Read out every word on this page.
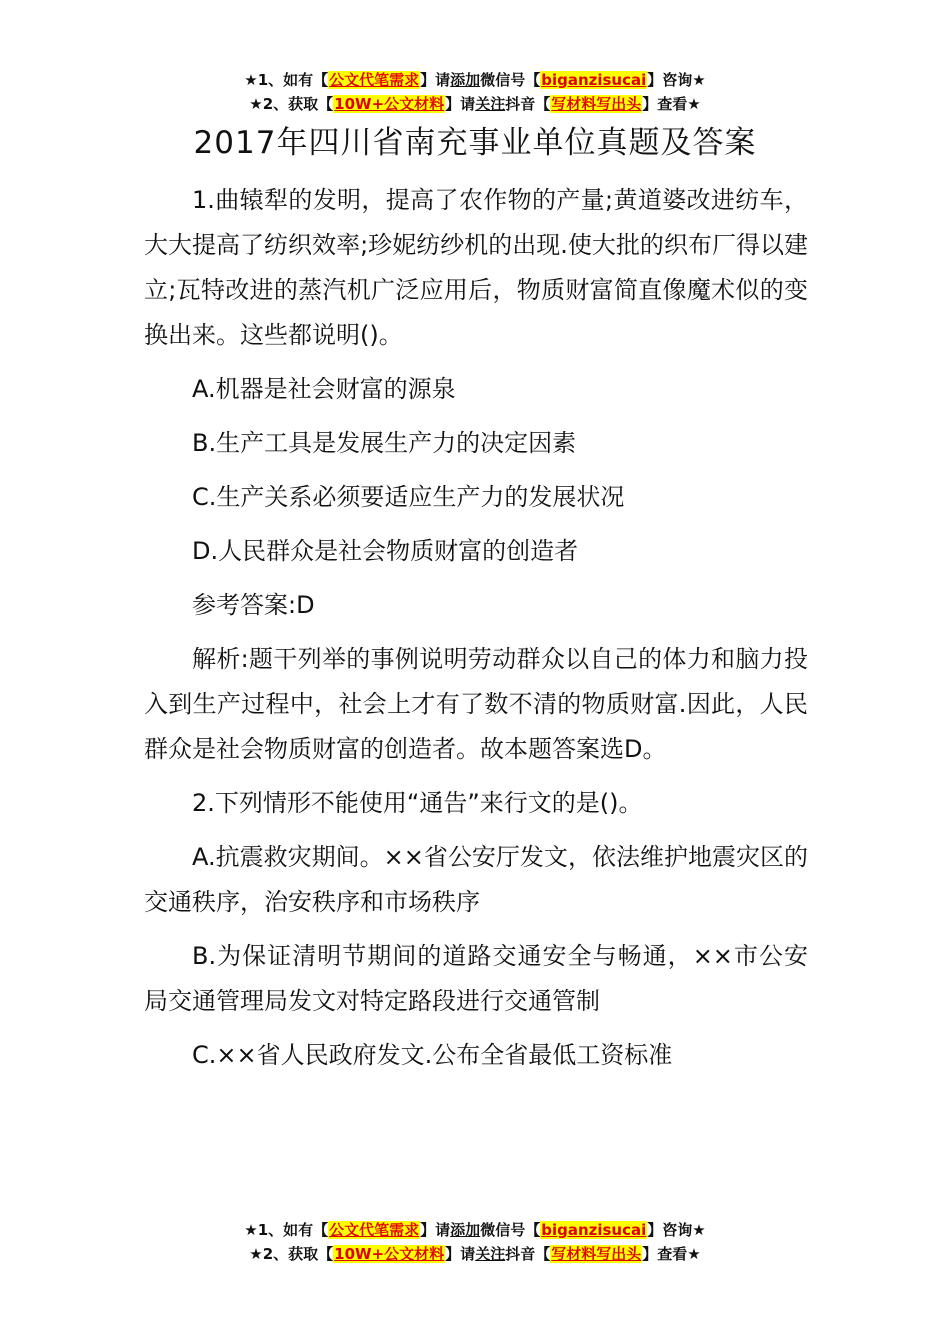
★1、如有【公文代笔需求】请添加微信号【biganzisucai】咨询★
★2、获取【10W+公文材料】请关注抖音【写材料写出头】查看★
2017年四川省南充事业单位真题及答案

1.曲辕犁的发明，提高了农作物的产量;黄道婆改进纺车，大大提高了纺织效率;珍妮纺纱机的出现.使大批的织布厂得以建立;瓦特改进的蒸汽机广泛应用后，物质财富简直像魔术似的变换出来。这些都说明()。

A.机器是社会财富的源泉

B.生产工具是发展生产力的决定因素

C.生产关系必须要适应生产力的发展状况

D.人民群众是社会物质财富的创造者

参考答案:D

解析:题干列举的事例说明劳动群众以自己的体力和脑力投入到生产过程中，社会上才有了数不清的物质财富.因此，人民群众是社会物质财富的创造者。故本题答案选D。

2.下列情形不能使用“通告”来行文的是()。

A.抗震救灾期间。××省公安厅发文，依法维护地震灾区的交通秩序，治安秩序和市场秩序

B.为保证清明节期间的道路交通安全与畅通，××市公安局交通管理局发文对特定路段进行交通管制

C.××省人民政府发文.公布全省最低工资标准

★1、如有【公文代笔需求】请添加微信号【biganzisucai】咨询★
★2、获取【10W+公文材料】请关注抖音【写材料写出头】查看★
